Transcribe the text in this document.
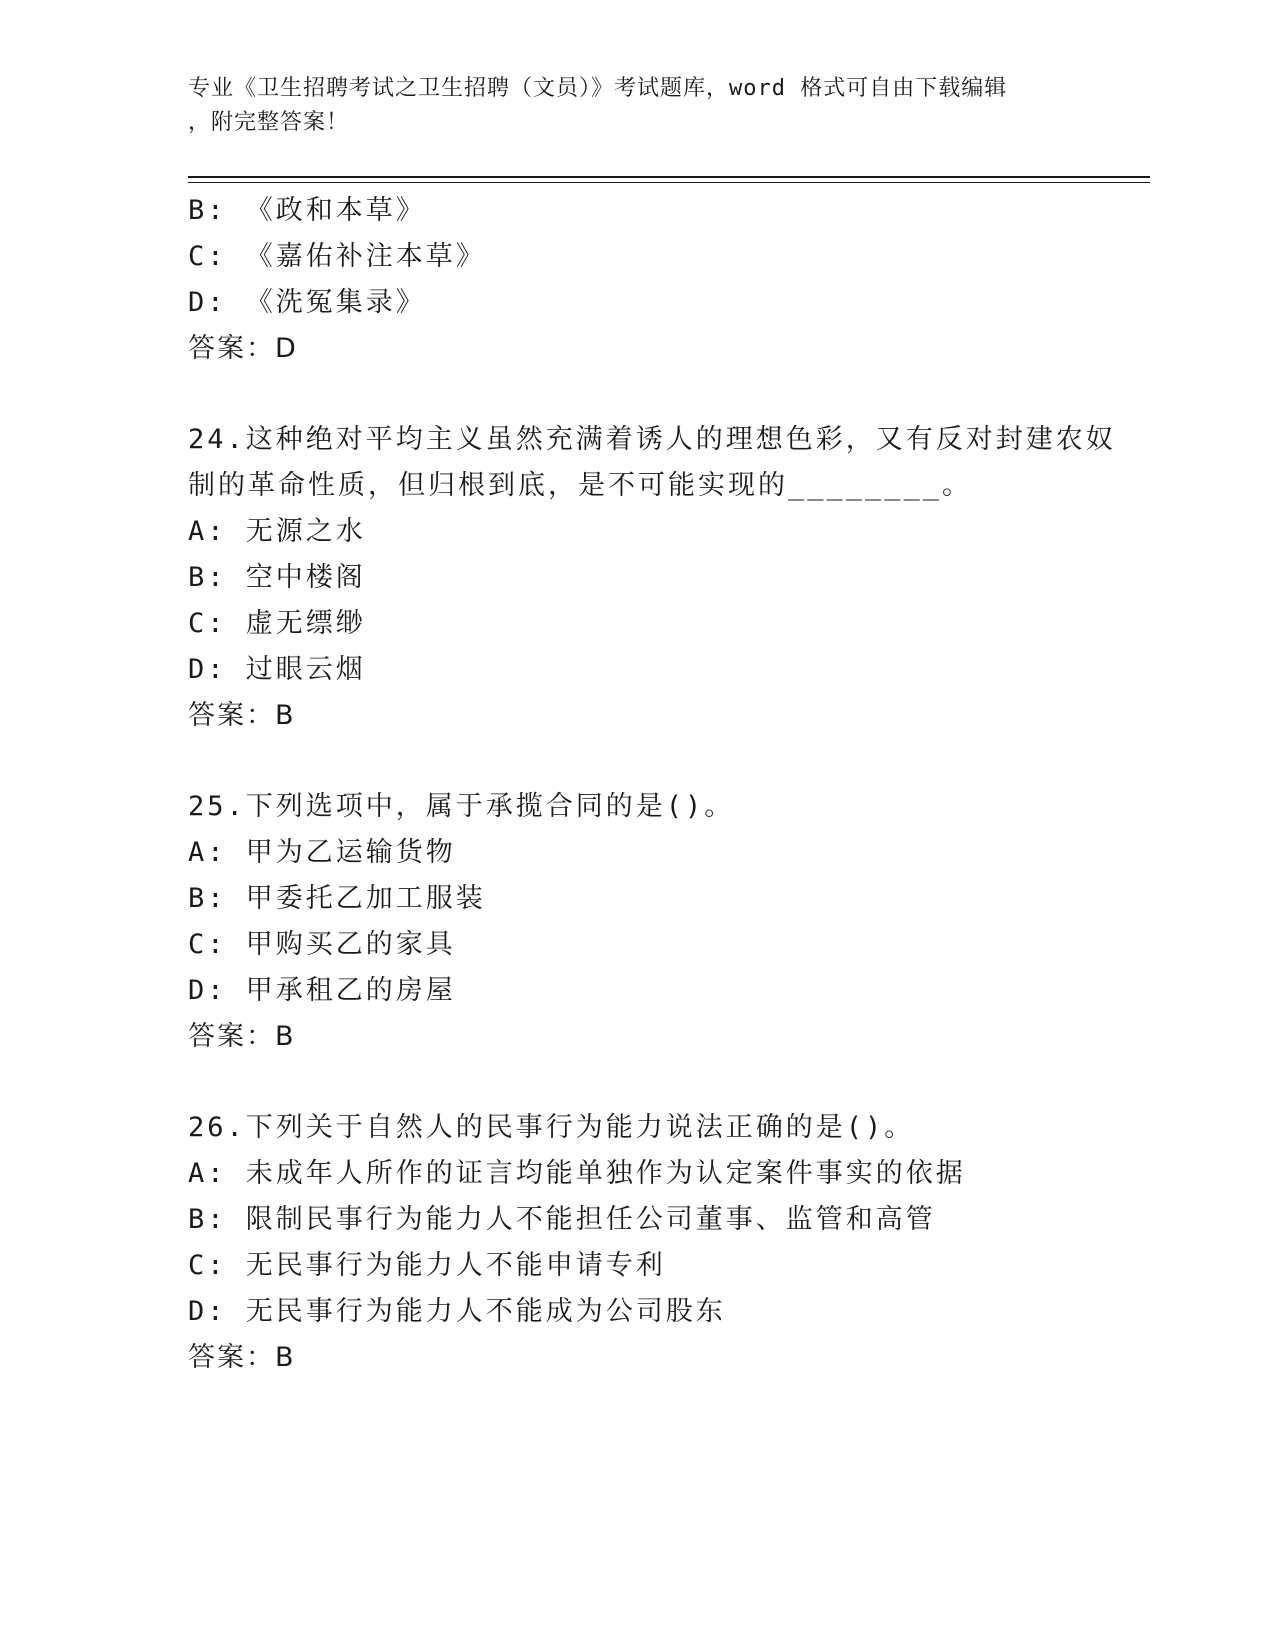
专业《卫生招聘考试之卫生招聘（文员）》考试题库，word 格式可自由下载编辑
，附完整答案！
B: 《政和本草》
C: 《嘉佑补注本草》
D: 《洗冤集录》
答案：D
24.这种绝对平均主义虽然充满着诱人的理想色彩，又有反对封建农奴
制的革命性质，但归根到底，是不可能实现的________。
A: 无源之水
B: 空中楼阁
C: 虚无缥缈
D: 过眼云烟
答案：B
25.下列选项中，属于承揽合同的是()。
A: 甲为乙运输货物
B: 甲委托乙加工服装
C: 甲购买乙的家具
D: 甲承租乙的房屋
答案：B
26.下列关于自然人的民事行为能力说法正确的是()。
A: 未成年人所作的证言均能单独作为认定案件事实的依据
B: 限制民事行为能力人不能担任公司董事、监管和高管
C: 无民事行为能力人不能申请专利
D: 无民事行为能力人不能成为公司股东
答案：B
